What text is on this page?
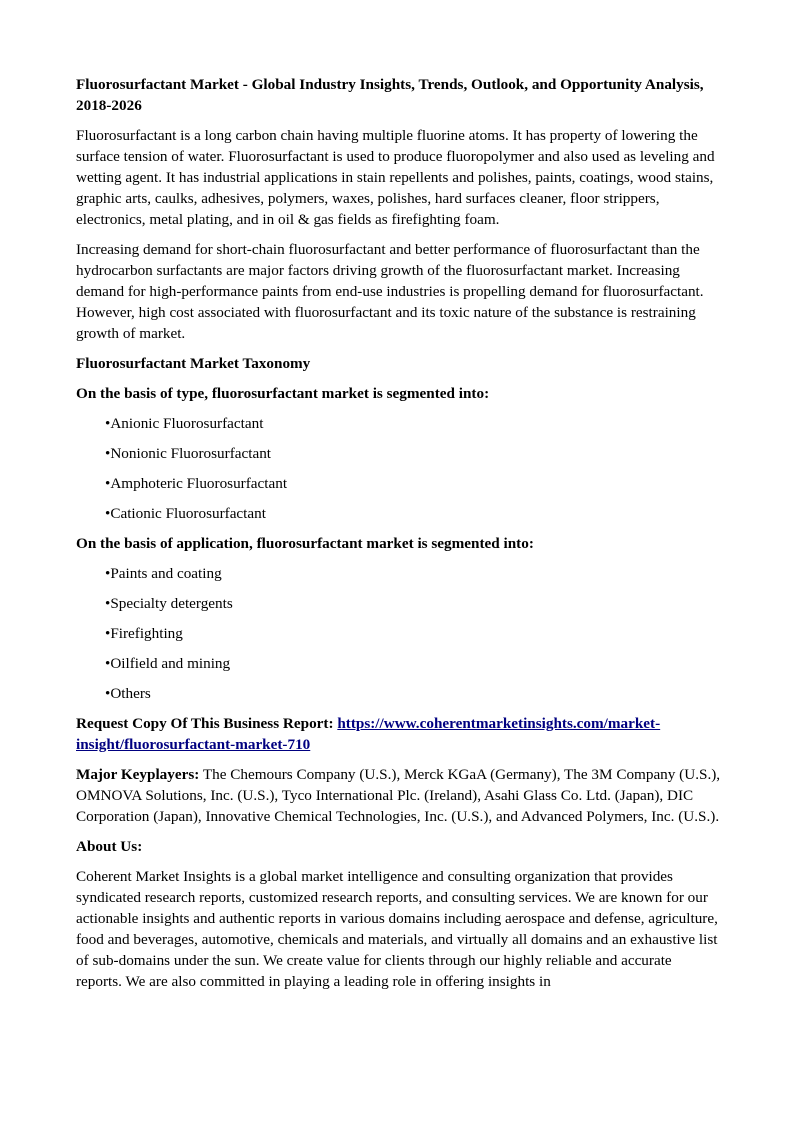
Fluorosurfactant Market - Global Industry Insights, Trends, Outlook, and Opportunity Analysis, 2018-2026

Fluorosurfactant is a long carbon chain having multiple fluorine atoms. It has property of lowering the surface tension of water. Fluorosurfactant is used to produce fluoropolymer and also used as leveling and wetting agent. It has industrial applications in stain repellents and polishes, paints, coatings, wood stains, graphic arts, caulks, adhesives, polymers, waxes, polishes, hard surfaces cleaner, floor strippers, electronics, metal plating, and in oil & gas fields as firefighting foam.

Increasing demand for short-chain fluorosurfactant and better performance of fluorosurfactant than the hydrocarbon surfactants are major factors driving growth of the fluorosurfactant market. Increasing demand for high-performance paints from end-use industries is propelling demand for fluorosurfactant. However, high cost associated with fluorosurfactant and its toxic nature of the substance is restraining growth of market.

Fluorosurfactant Market Taxonomy

On the basis of type, fluorosurfactant market is segmented into:

•Anionic Fluorosurfactant

•Nonionic Fluorosurfactant

•Amphoteric Fluorosurfactant

•Cationic Fluorosurfactant

On the basis of application, fluorosurfactant market is segmented into:

•Paints and coating

•Specialty detergents

•Firefighting

•Oilfield and mining

•Others

Request Copy Of This Business Report: https://www.coherentmarketinsights.com/market-insight/fluorosurfactant-market-710

Major Keyplayers: The Chemours Company (U.S.), Merck KGaA (Germany), The 3M Company (U.S.), OMNOVA Solutions, Inc. (U.S.), Tyco International Plc. (Ireland), Asahi Glass Co. Ltd. (Japan), DIC Corporation (Japan), Innovative Chemical Technologies, Inc. (U.S.), and Advanced Polymers, Inc. (U.S.).

About Us:

Coherent Market Insights is a global market intelligence and consulting organization that provides syndicated research reports, customized research reports, and consulting services. We are known for our actionable insights and authentic reports in various domains including aerospace and defense, agriculture, food and beverages, automotive, chemicals and materials, and virtually all domains and an exhaustive list of sub-domains under the sun. We create value for clients through our highly reliable and accurate reports. We are also committed in playing a leading role in offering insights in
